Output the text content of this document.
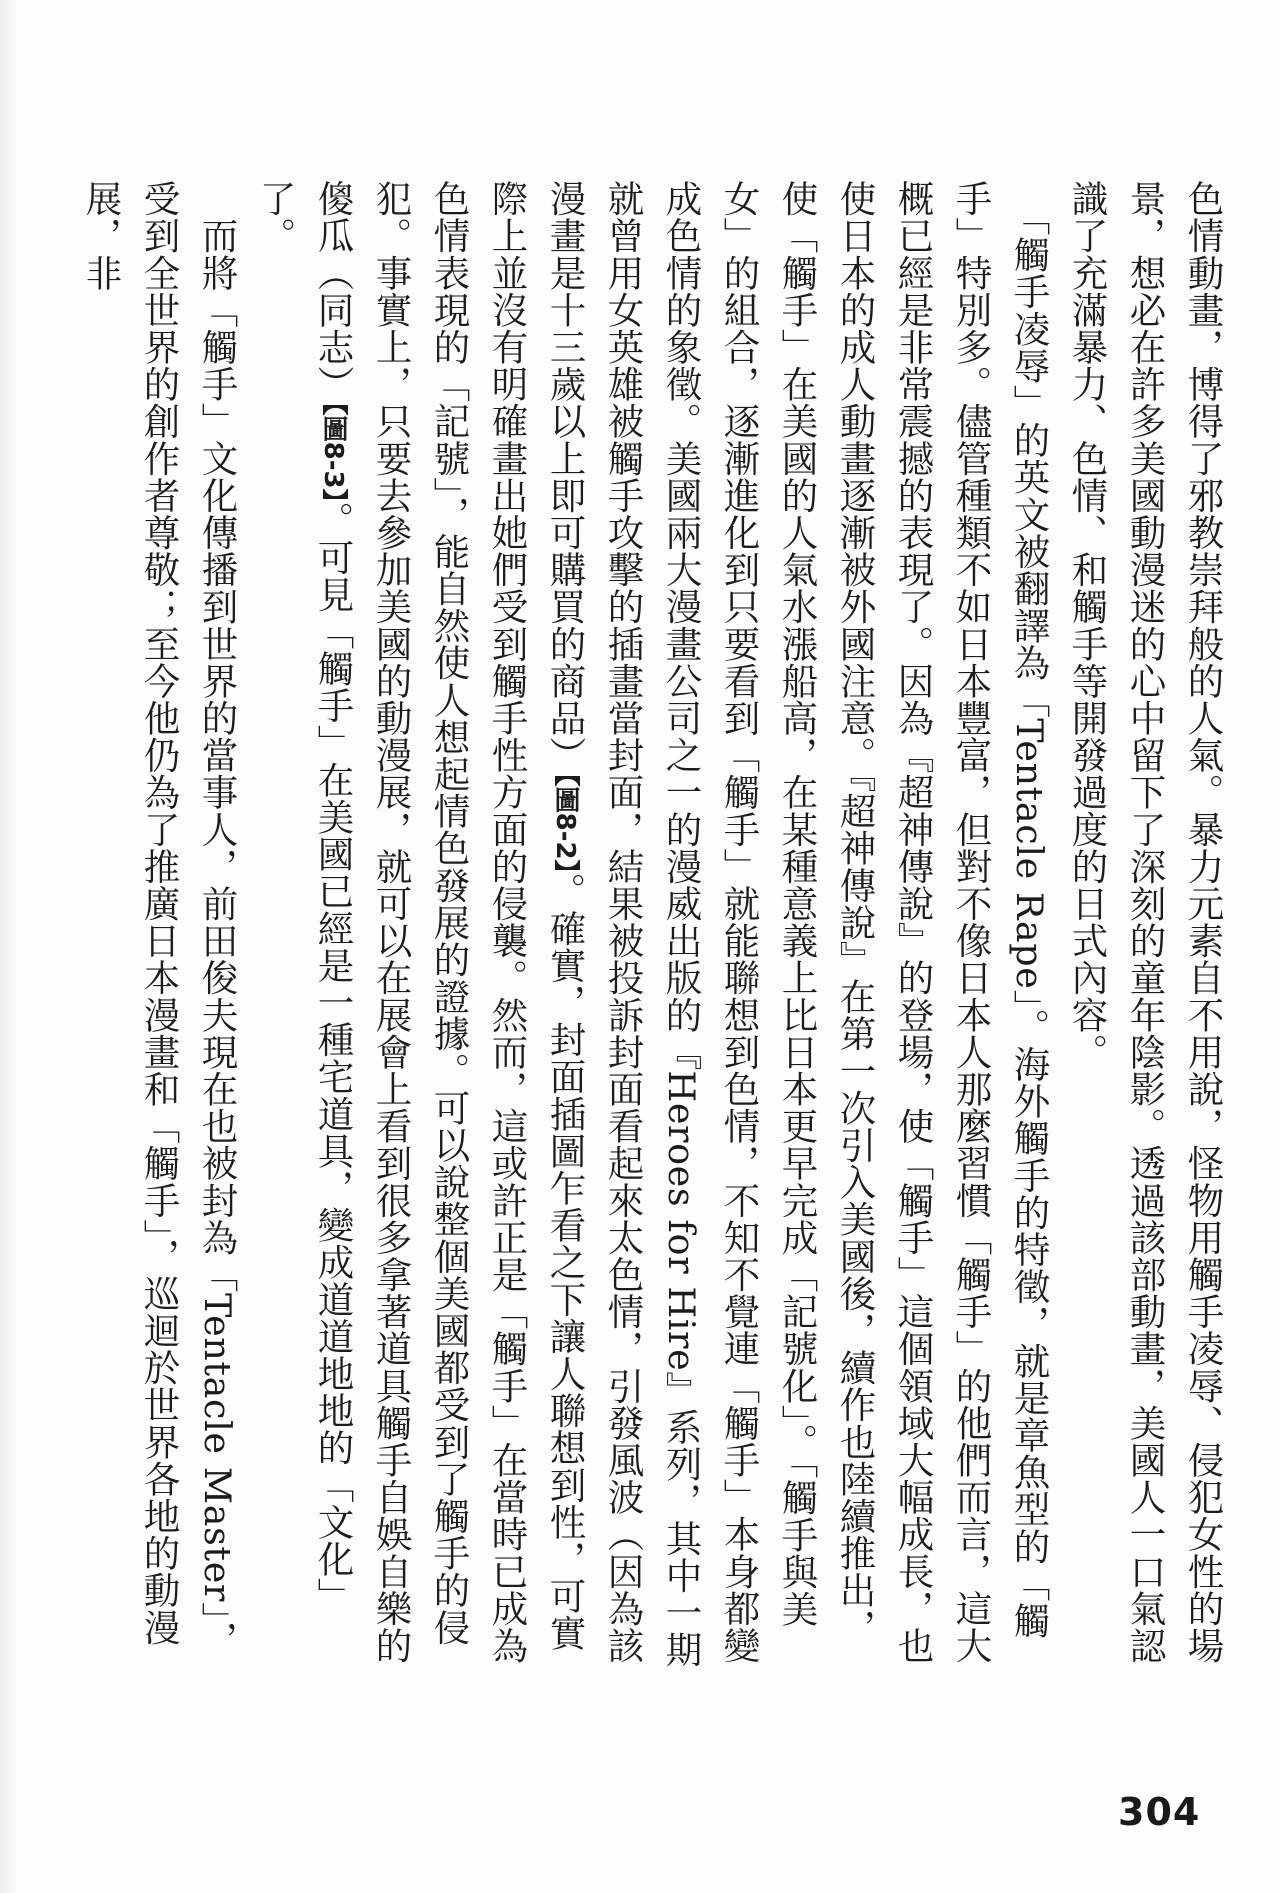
色情動畫，博得了邪教崇拜般的人氣。暴力元素自不用說，怪物用觸手凌辱、侵犯女性的場景，想必在許多美國動漫迷的心中留下了深刻的童年陰影。透過該部動畫，美國人一口氣認識了充滿暴力、色情、和觸手等開發過度的日式內容。

　「觸手凌辱」的英文被翻譯為「Tentacle Rape」。海外觸手的特徵，就是章魚型的「觸手」特別多。儘管種類不如日本豐富，但對不像日本人那麼習慣「觸手」的他們而言，這大概已經是非常震撼的表現了。因為『超神傳說』的登場，使「觸手」這個領域大幅成長，也使日本的成人動畫逐漸被外國注意。『超神傳說』在第一次引入美國後，續作也陸續推出，使「觸手」在美國的人氣水漲船高，在某種意義上比日本更早完成「記號化」。「觸手與美女」的組合，逐漸進化到只要看到「觸手」就能聯想到色情，不知不覺連「觸手」本身都變成色情的象徵。美國兩大漫畫公司之一的漫威出版的『Heroes for Hire』系列，其中一期就曾用女英雄被觸手攻擊的插畫當封面，結果被投訴封面看起來太色情，引發風波（因為該漫畫是十三歲以上即可購買的商品）【圖8-2】。確實，封面插圖乍看之下讓人聯想到性，可實際上並沒有明確畫出她們受到觸手性方面的侵襲。然而，這或許正是「觸手」在當時已成為色情表現的「記號」，能自然使人想起情色發展的證據。可以說整個美國都受到了觸手的侵犯。事實上，只要去參加美國的動漫展，就可以在展會上看到很多拿著道具觸手自娛自樂的傻瓜（同志）【圖8-3】。可見「觸手」在美國已經是一種宅道具，變成道道地地的「文化」了。

　而將「觸手」文化傳播到世界的當事人，前田俊夫現在也被封為「Tentacle Master」，受到全世界的創作者尊敬；至今他仍為了推廣日本漫畫和「觸手」，巡迴於世界各地的動漫展，非

304
